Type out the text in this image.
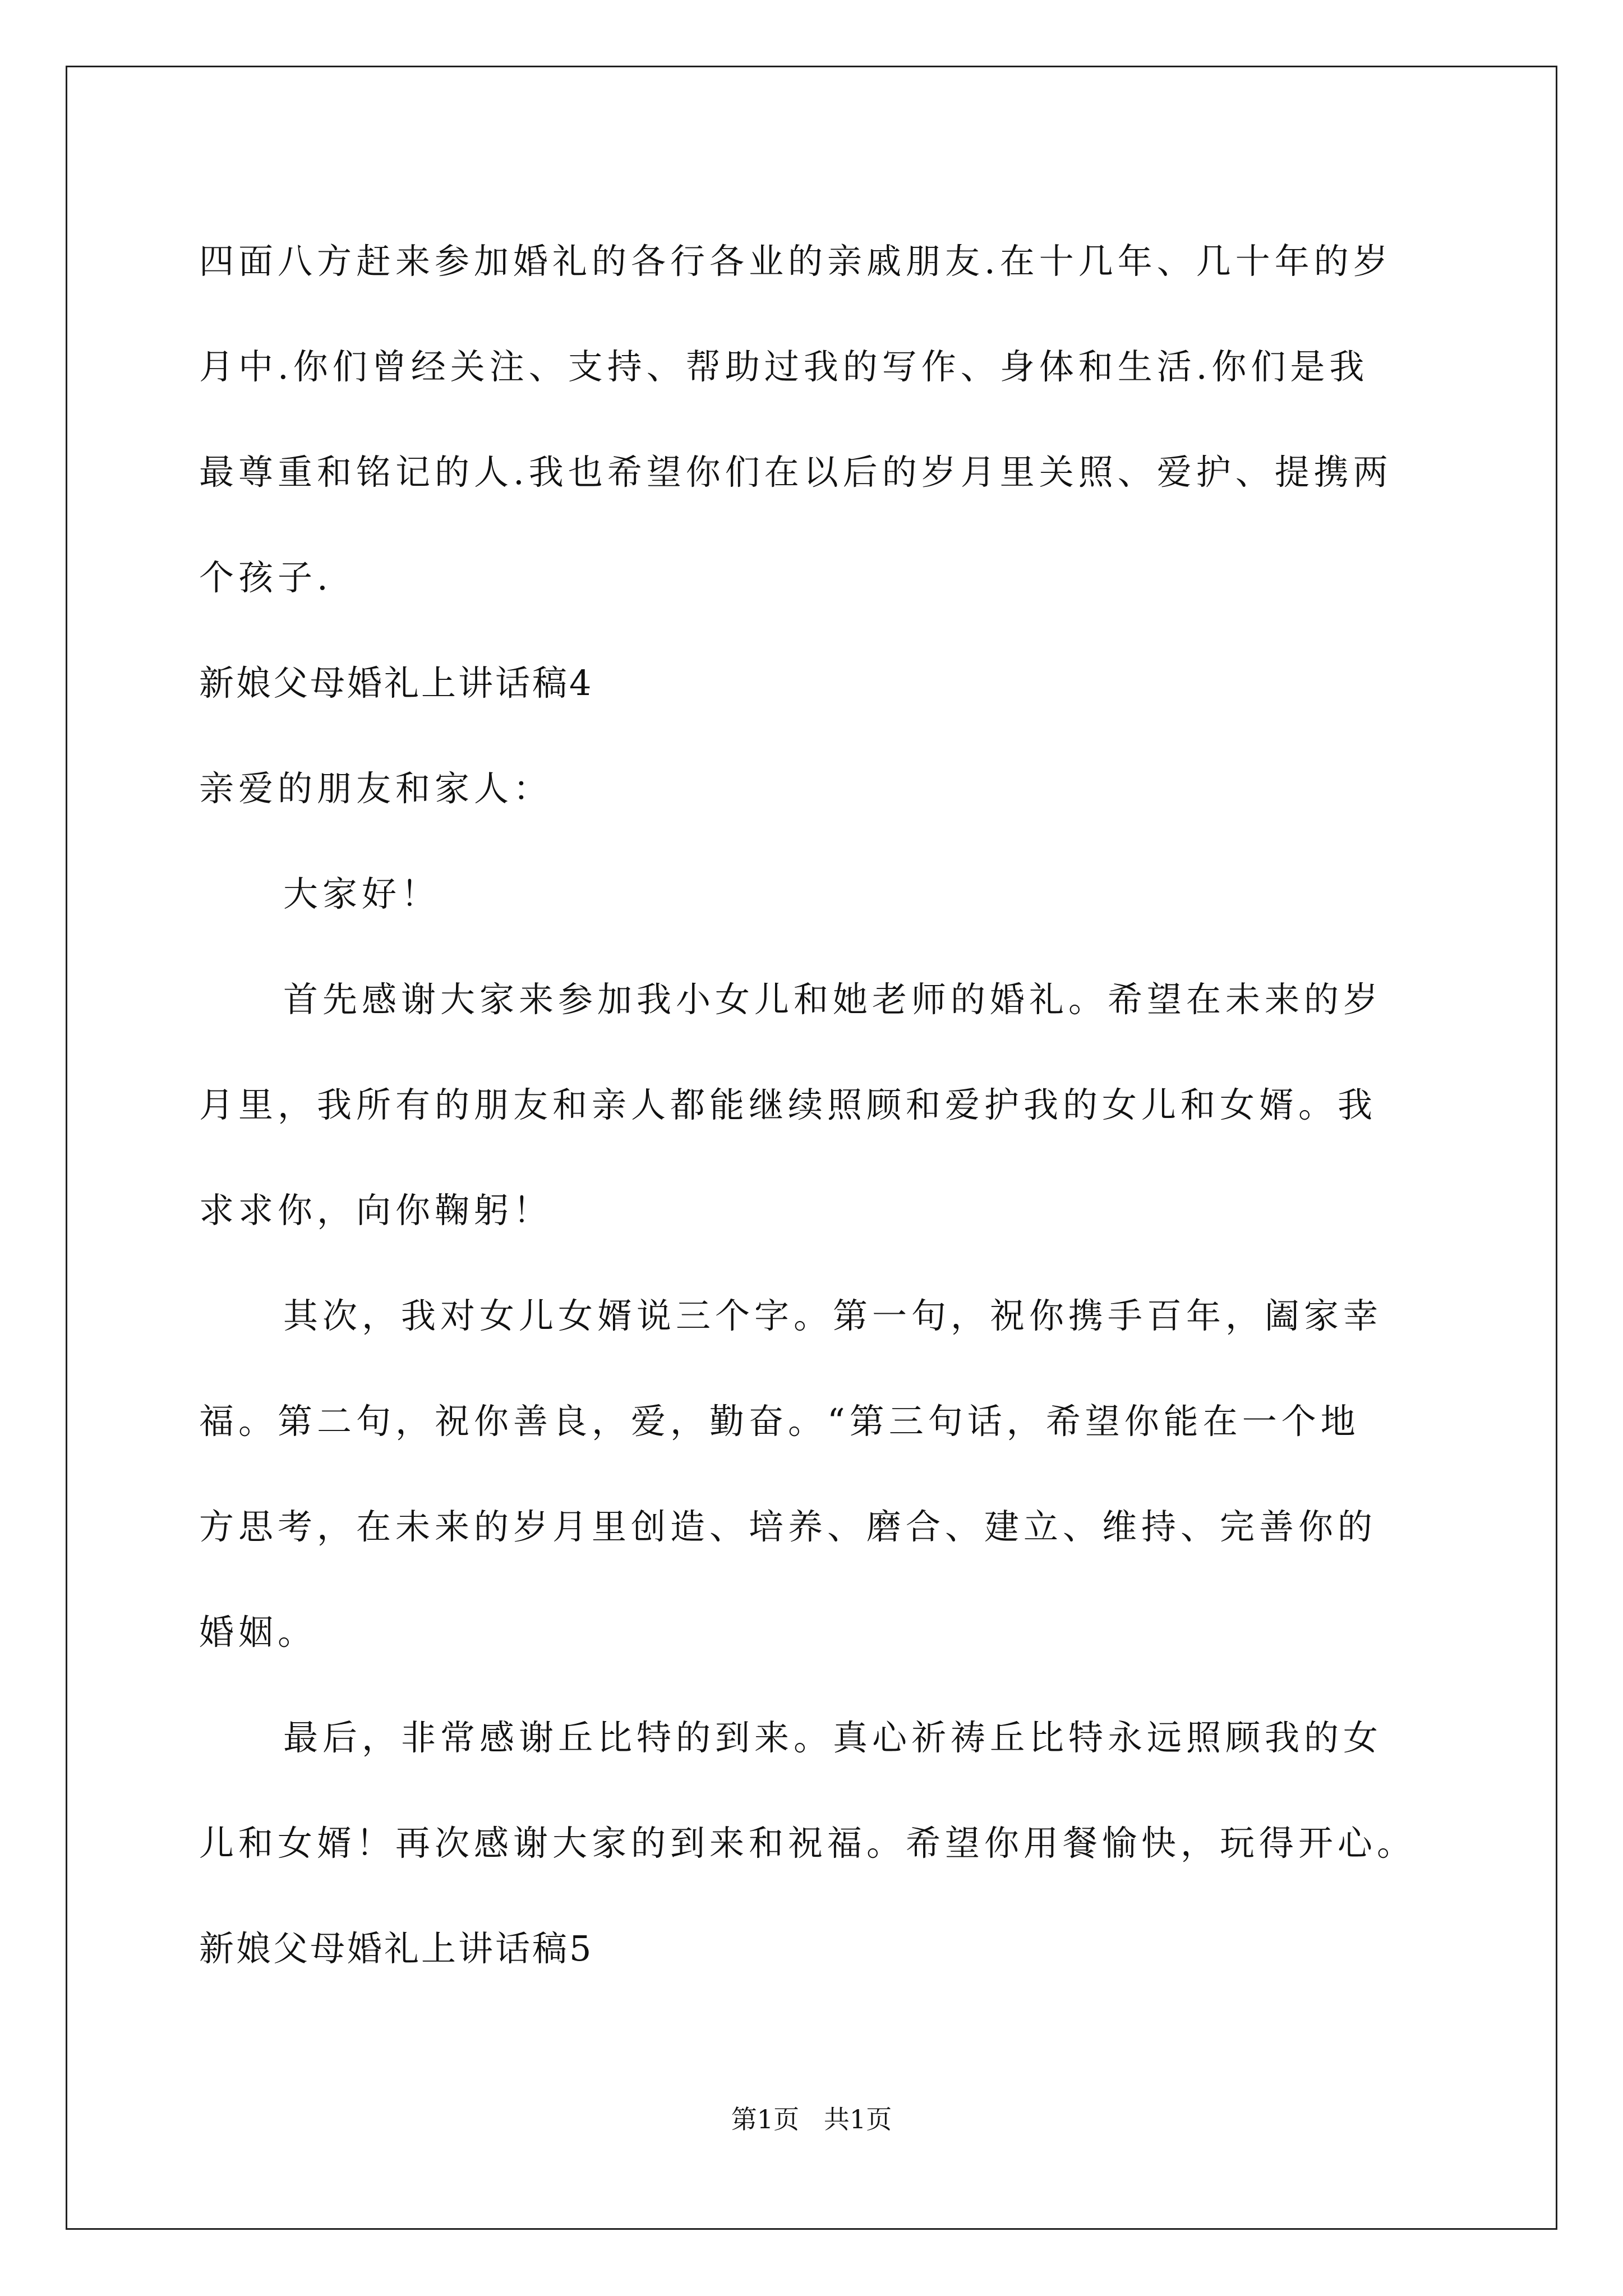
四面八方赶来参加婚礼的各行各业的亲戚朋友.在十几年、几十年的岁
月中.你们曾经关注、支持、帮助过我的写作、身体和生活.你们是我
最尊重和铭记的人.我也希望你们在以后的岁月里关照、爱护、提携两
个孩子.
新娘父母婚礼上讲话稿4
亲爱的朋友和家人：
大家好！
首先感谢大家来参加我小女儿和她老师的婚礼。希望在未来的岁
月里，我所有的朋友和亲人都能继续照顾和爱护我的女儿和女婿。我
求求你，向你鞠躬！
其次，我对女儿女婿说三个字。第一句，祝你携手百年，阖家幸
福。第二句，祝你善良，爱，勤奋。“第三句话，希望你能在一个地
方思考，在未来的岁月里创造、培养、磨合、建立、维持、完善你的
婚姻。
最后，非常感谢丘比特的到来。真心祈祷丘比特永远照顾我的女
儿和女婿！再次感谢大家的到来和祝福。希望你用餐愉快，玩得开心。
新娘父母婚礼上讲话稿5
第1页   共1页
